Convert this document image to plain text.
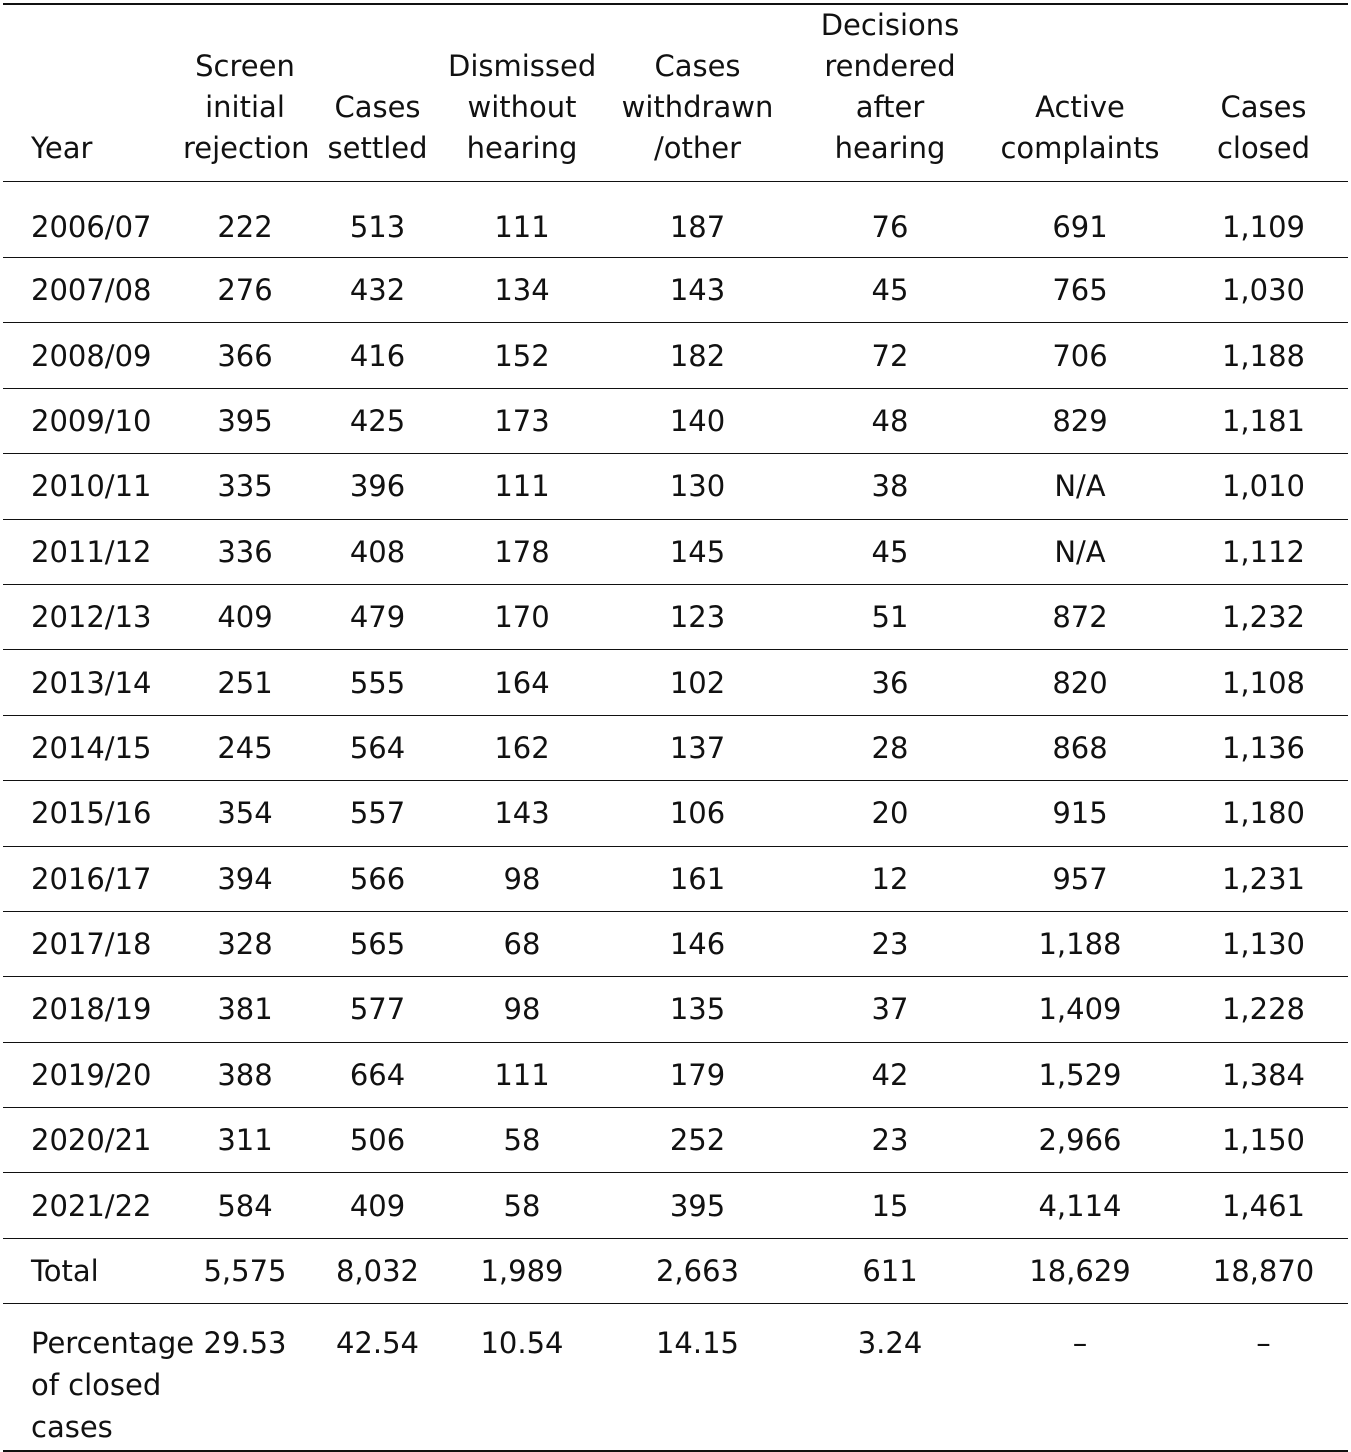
Year	Screen
initial
rejection	Cases
settled	Dismissed
without
hearing	Cases
withdrawn
/other	Decisions
rendered
after hearing	Active
complaints	Cases
closed
2006/07	222	513	111	187	76	691	1,109
2007/08	276	432	134	143	45	765	1,030
2008/09	366	416	152	182	72	706	1,188
2009/10	395	425	173	140	48	829	1,181
2010/11	335	396	111	130	38	N/A	1,010
2011/12	336	408	178	145	45	N/A	1,112
2012/13	409	479	170	123	51	872	1,232
2013/14	251	555	164	102	36	820	1,108
2014/15	245	564	162	137	28	868	1,136
2015/16	354	557	143	106	20	915	1,180
2016/17	394	566	98	161	12	957	1,231
2017/18	328	565	68	146	23	1,188	1,130
2018/19	381	577	98	135	37	1,409	1,228
2019/20	388	664	111	179	42	1,529	1,384
2020/21	311	506	58	252	23	2,966	1,150
2021/22	584	409	58	395	15	4,114	1,461
Total	5,575	8,032	1,989	2,663	611	18,629	18,870
Percentage
of closed
cases	29.53	42.54	10.54	14.15	3.24	–	–
